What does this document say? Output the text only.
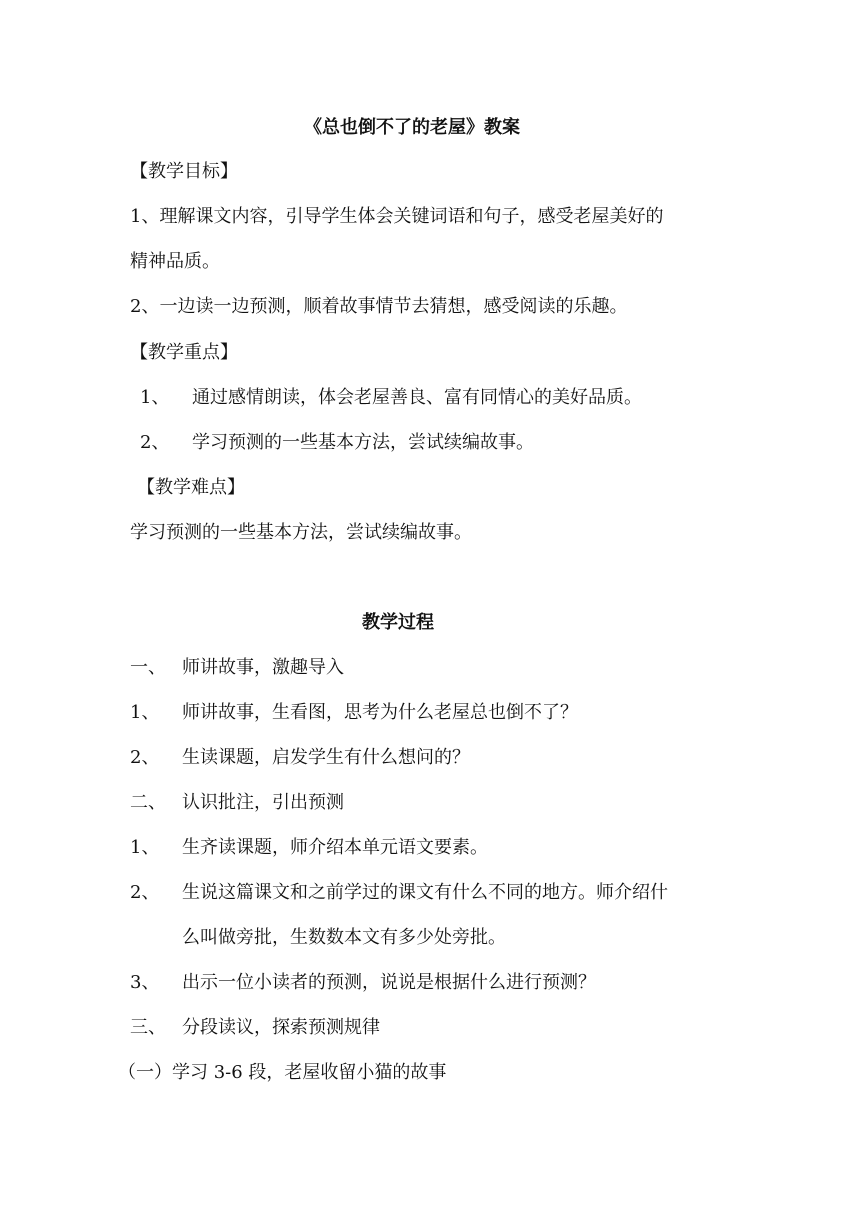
《总也倒不了的老屋》教案
【教学目标】
1、理解课文内容，引导学生体会关键词语和句子，感受老屋美好的
精神品质。
2、一边读一边预测，顺着故事情节去猜想，感受阅读的乐趣。
【教学重点】
1、 通过感情朗读，体会老屋善良、富有同情心的美好品质。
2、 学习预测的一些基本方法，尝试续编故事。
【教学难点】
学习预测的一些基本方法，尝试续编故事。
教学过程
一、 师讲故事，激趣导入
1、 师讲故事，生看图，思考为什么老屋总也倒不了？
2、 生读课题，启发学生有什么想问的？
二、 认识批注，引出预测
1、 生齐读课题，师介绍本单元语文要素。
2、 生说这篇课文和之前学过的课文有什么不同的地方。师介绍什
么叫做旁批，生数数本文有多少处旁批。
3、 出示一位小读者的预测，说说是根据什么进行预测？
三、 分段读议，探索预测规律
（一）学习 3-6 段，老屋收留小猫的故事
